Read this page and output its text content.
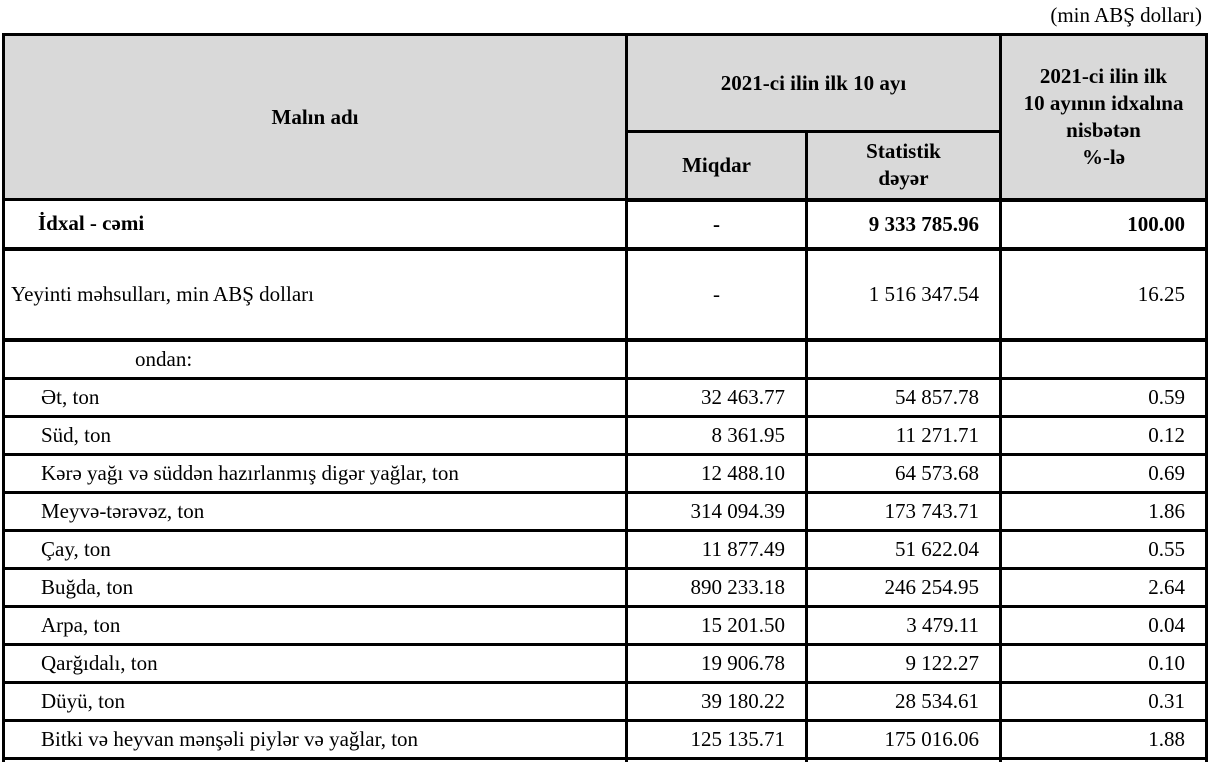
(min ABŞ dolları)
Malın adı	2021-ci ilin ilk 10 ayı		2021-ci ilin ilk
10 ayının idxalına
nisbətən
%-lə

	Miqdar	Statistik
dəyər	

İdxal - cəmi	-	9 333 785.96	100.00
Yeyinti məhsulları, min ABŞ dolları	-	1 516 347.54	16.25
ondan:			
Ət, ton	32 463.77	54 857.78	0.59
Süd, ton	8 361.95	11 271.71	0.12
Kərə yağı və süddən hazırlanmış digər yağlar, ton	12 488.10	64 573.68	0.69
Meyvə-tərəvəz, ton	314 094.39	173 743.71	1.86
Çay, ton	11 877.49	51 622.04	0.55
Buğda, ton	890 233.18	246 254.95	2.64
Arpa, ton	15 201.50	3 479.11	0.04
Qarğıdalı, ton	19 906.78	9 122.27	0.10
Düyü, ton	39 180.22	28 534.61	0.31
Bitki və heyvan mənşəli piylər və yağlar, ton	125 135.71	175 016.06	1.88
